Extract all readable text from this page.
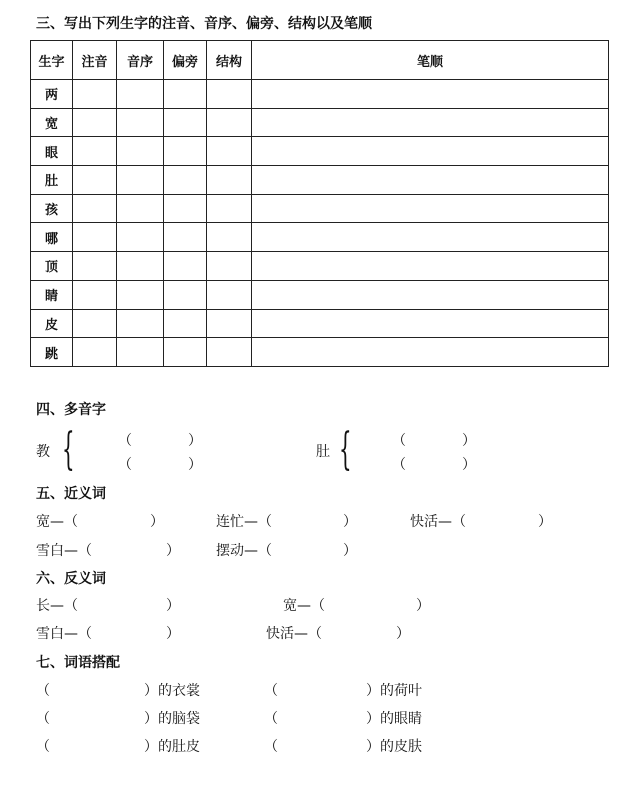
三、写出下列生字的注音、音序、偏旁、结构以及笔顺
生字	注音	音序	偏旁	结构	笔顺
两					
宽					
眼					
肚					
孩					
哪					
顶					
睛					
皮					
跳					
四、多音字
教 {	（　　　　）
（　　　　）
肚 {	（　　　　）
（　　　　）
五、近义词
宽—（	）	连忙—（	）	快活—（	）
雪白—（	）	摆动—（	）
六、反义词
长—（	）	宽—（	）
雪白—（	）	快活—（	）
七、词语搭配
（	）的衣裳	（	）的荷叶
（	）的脑袋	（	）的眼睛
（	）的肚皮	（	）的皮肤
